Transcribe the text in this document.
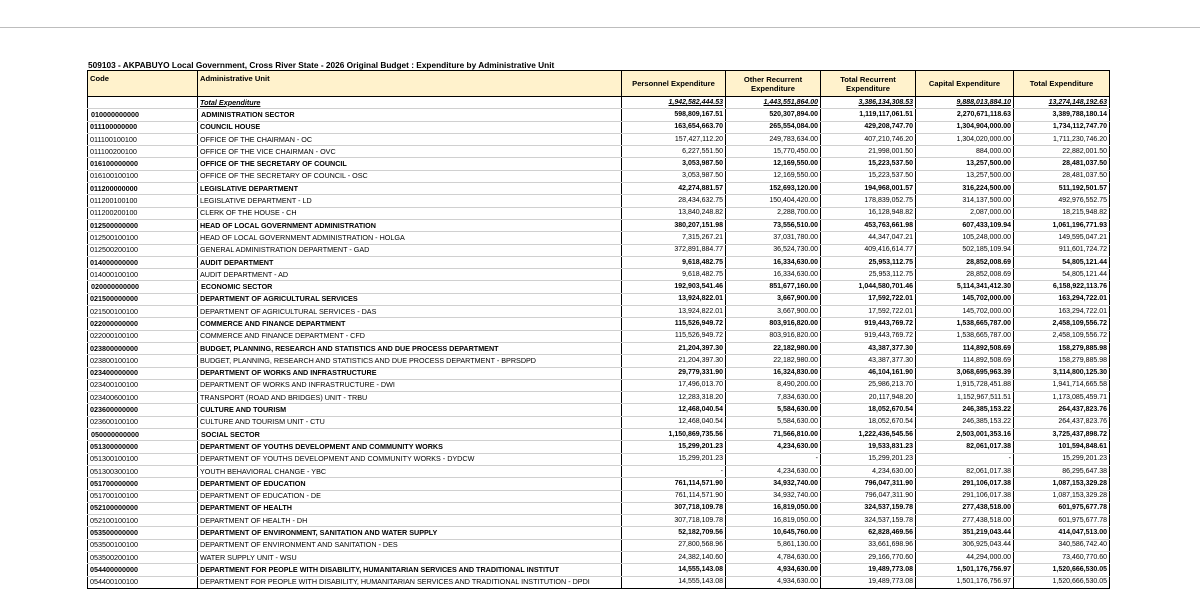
509103 - AKPABUYO Local Government, Cross River State - 2026 Original Budget : Expenditure by Administrative Unit
Code	Administrative Unit	Personnel Expenditure	Other Recurrent Expenditure	Total Recurrent Expenditure	Capital Expenditure	Total Expenditure
	Total Expenditure	1,942,582,444.53	1,443,551,864.00	3,386,134,308.53	9,888,013,884.10	13,274,148,192.63
010000000000	ADMINISTRATION SECTOR	598,809,167.51	520,307,894.00	1,119,117,061.51	2,270,671,118.63	3,389,788,180.14
011100000000	COUNCIL HOUSE	163,654,663.70	265,554,084.00	429,208,747.70	1,304,904,000.00	1,734,112,747.70
011100100100	OFFICE OF THE CHAIRMAN - OC	157,427,112.20	249,783,634.00	407,210,746.20	1,304,020,000.00	1,711,230,746.20
011100200100	OFFICE OF THE VICE CHAIRMAN - OVC	6,227,551.50	15,770,450.00	21,998,001.50	884,000.00	22,882,001.50
016100000000	OFFICE OF THE SECRETARY OF COUNCIL	3,053,987.50	12,169,550.00	15,223,537.50	13,257,500.00	28,481,037.50
016100100100	OFFICE OF THE SECRETARY OF COUNCIL - OSC	3,053,987.50	12,169,550.00	15,223,537.50	13,257,500.00	28,481,037.50
011200000000	LEGISLATIVE DEPARTMENT	42,274,881.57	152,693,120.00	194,968,001.57	316,224,500.00	511,192,501.57
011200100100	LEGISLATIVE DEPARTMENT - LD	28,434,632.75	150,404,420.00	178,839,052.75	314,137,500.00	492,976,552.75
011200200100	CLERK OF THE HOUSE - CH	13,840,248.82	2,288,700.00	16,128,948.82	2,087,000.00	18,215,948.82
012500000000	HEAD OF LOCAL GOVERNMENT ADMINISTRATION	380,207,151.98	73,556,510.00	453,763,661.98	607,433,109.94	1,061,196,771.93
012500100100	HEAD OF LOCAL GOVERNMENT ADMINISTRATION - HOLGA	7,315,267.21	37,031,780.00	44,347,047.21	105,248,000.00	149,595,047.21
012500200100	GENERAL ADMINISTRATION DEPARTMENT - GAD	372,891,884.77	36,524,730.00	409,416,614.77	502,185,109.94	911,601,724.72
014000000000	AUDIT DEPARTMENT	9,618,482.75	16,334,630.00	25,953,112.75	28,852,008.69	54,805,121.44
014000100100	AUDIT DEPARTMENT - AD	9,618,482.75	16,334,630.00	25,953,112.75	28,852,008.69	54,805,121.44
020000000000	ECONOMIC SECTOR	192,903,541.46	851,677,160.00	1,044,580,701.46	5,114,341,412.30	6,158,922,113.76
021500000000	DEPARTMENT OF AGRICULTURAL SERVICES	13,924,822.01	3,667,900.00	17,592,722.01	145,702,000.00	163,294,722.01
021500100100	DEPARTMENT OF AGRICULTURAL SERVICES - DAS	13,924,822.01	3,667,900.00	17,592,722.01	145,702,000.00	163,294,722.01
022000000000	COMMERCE AND FINANCE DEPARTMENT	115,526,949.72	803,916,820.00	919,443,769.72	1,538,665,787.00	2,458,109,556.72
022000100100	COMMERCE AND FINANCE DEPARTMENT - CFD	115,526,949.72	803,916,820.00	919,443,769.72	1,538,665,787.00	2,458,109,556.72
023800000000	BUDGET, PLANNING, RESEARCH AND STATISTICS AND DUE PROCESS DEPARTMENT	21,204,397.30	22,182,980.00	43,387,377.30	114,892,508.69	158,279,885.98
023800100100	BUDGET, PLANNING, RESEARCH AND STATISTICS AND DUE PROCESS DEPARTMENT - BPRSDPD	21,204,397.30	22,182,980.00	43,387,377.30	114,892,508.69	158,279,885.98
023400000000	DEPARTMENT OF WORKS AND INFRASTRUCTURE	29,779,331.90	16,324,830.00	46,104,161.90	3,068,695,963.39	3,114,800,125.30
023400100100	DEPARTMENT OF WORKS AND INFRASTRUCTURE - DWI	17,496,013.70	8,490,200.00	25,986,213.70	1,915,728,451.88	1,941,714,665.58
023400600100	TRANSPORT (ROAD AND BRIDGES) UNIT - TRBU	12,283,318.20	7,834,630.00	20,117,948.20	1,152,967,511.51	1,173,085,459.71
023600000000	CULTURE AND TOURISM	12,468,040.54	5,584,630.00	18,052,670.54	246,385,153.22	264,437,823.76
023600100100	CULTURE AND TOURISM UNIT - CTU	12,468,040.54	5,584,630.00	18,052,670.54	246,385,153.22	264,437,823.76
050000000000	SOCIAL SECTOR	1,150,869,735.56	71,566,810.00	1,222,436,545.56	2,503,001,353.16	3,725,437,898.72
051300000000	DEPARTMENT OF YOUTHS DEVELOPMENT AND COMMUNITY WORKS	15,299,201.23	4,234,630.00	19,533,831.23	82,061,017.38	101,594,848.61
051300100100	DEPARTMENT OF YOUTHS DEVELOPMENT AND COMMUNITY WORKS - DYDCW	15,299,201.23	-	15,299,201.23	-	15,299,201.23
051300300100	YOUTH BEHAVIORAL CHANGE - YBC	-	4,234,630.00	4,234,630.00	82,061,017.38	86,295,647.38
051700000000	DEPARTMENT OF EDUCATION	761,114,571.90	34,932,740.00	796,047,311.90	291,106,017.38	1,087,153,329.28
051700100100	DEPARTMENT OF EDUCATION - DE	761,114,571.90	34,932,740.00	796,047,311.90	291,106,017.38	1,087,153,329.28
052100000000	DEPARTMENT OF HEALTH	307,718,109.78	16,819,050.00	324,537,159.78	277,438,518.00	601,975,677.78
052100100100	DEPARTMENT OF HEALTH - DH	307,718,109.78	16,819,050.00	324,537,159.78	277,438,518.00	601,975,677.78
053500000000	DEPARTMENT OF ENVIRONMENT, SANITATION AND WATER SUPPLY	52,182,709.56	10,645,760.00	62,828,469.56	351,219,043.44	414,047,513.00
053500100100	DEPARTMENT OF ENVIRONMENT AND SANITATION - DES	27,800,568.96	5,861,130.00	33,661,698.96	306,925,043.44	340,586,742.40
053500200100	WATER SUPPLY UNIT - WSU	24,382,140.60	4,784,630.00	29,166,770.60	44,294,000.00	73,460,770.60
054400000000	DEPARTMENT FOR PEOPLE WITH DISABILITY, HUMANITARIAN SERVICES AND TRADITIONAL INSTITUT	14,555,143.08	4,934,630.00	19,489,773.08	1,501,176,756.97	1,520,666,530.05
054400100100	DEPARTMENT FOR PEOPLE WITH DISABILITY, HUMANITARIAN SERVICES AND TRADITIONAL INSTITUTION - DPDI	14,555,143.08	4,934,630.00	19,489,773.08	1,501,176,756.97	1,520,666,530.05
